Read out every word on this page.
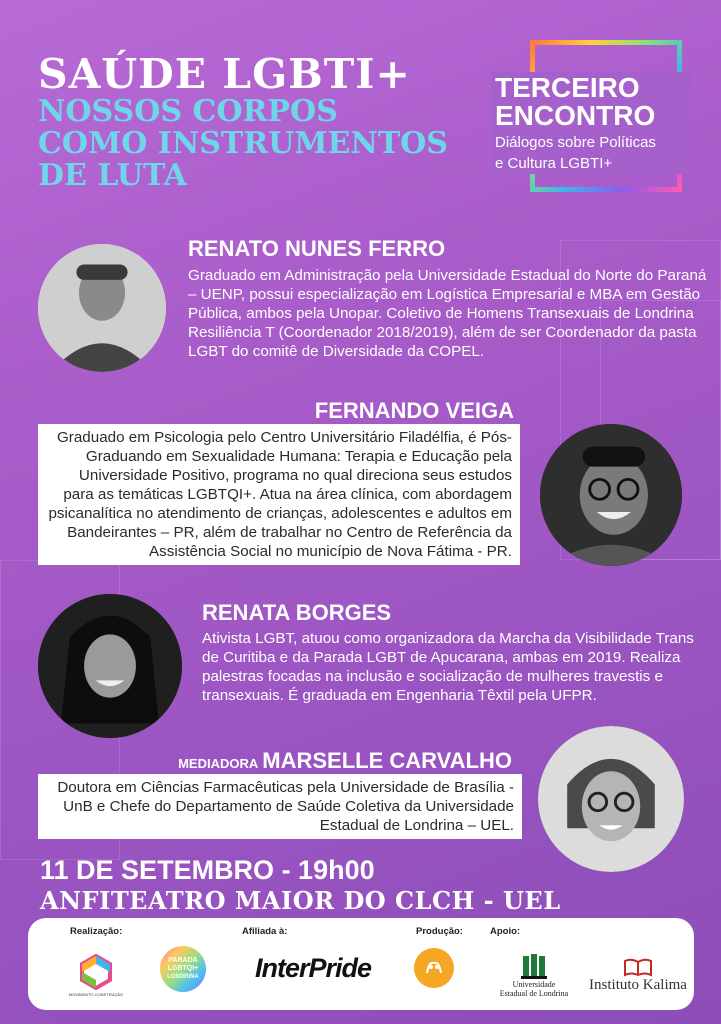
SAÚDE LGBTI+
NOSSOS CORPOS
COMO INSTRUMENTOS
DE LUTA
TERCEIRO
ENCONTRO
Diálogos sobre Políticas
e Cultura LGBTI+
RENATO NUNES FERRO
Graduado em Administração pela Universidade Estadual do Norte do Paraná – UENP, possui especialização em Logística Empresarial e MBA em Gestão Pública, ambos pela Unopar. Coletivo de Homens Transexuais de Londrina Resiliência T (Coordenador 2018/2019), além de ser Coordenador da pasta LGBT do comitê de Diversidade da COPEL.
FERNANDO VEIGA
Graduado em Psicologia pelo Centro Universitário Filadélfia, é Pós-Graduando em Sexualidade Humana: Terapia e Educação pela Universidade Positivo, programa no qual direciona seus estudos para as temáticas LGBTQI+. Atua na área clínica, com abordagem psicanalítica no atendimento de crianças, adolescentes e adultos em Bandeirantes – PR, além de trabalhar no Centro de Referência da Assistência Social no município de Nova Fátima - PR.
RENATA BORGES
Ativista LGBT, atuou como organizadora da Marcha da Visibilidade Trans de Curitiba e da Parada LGBT de Apucarana, ambas em 2019. Realiza palestras focadas na inclusão e socialização de mulheres travestis e transexuais. É graduada em Engenharia Têxtil pela UFPR.
MEDIADORA MARSELLE CARVALHO
Doutora em Ciências Farmacêuticas pela Universidade de Brasília - UnB e Chefe do Departamento de Saúde Coletiva da Universidade Estadual de Londrina – UEL.
11 DE SETEMBRO - 19h00
ANFITEATRO MAIOR DO CLCH - UEL
Realização:	Afiliada à:	Produção:	Apoio:
MOVIMENTO CONSTRUÇÃO
PARADA
LGBTQI+
LONDRINA InterPride
Universidade
Estadual de Londrina
Instituto Kalima
